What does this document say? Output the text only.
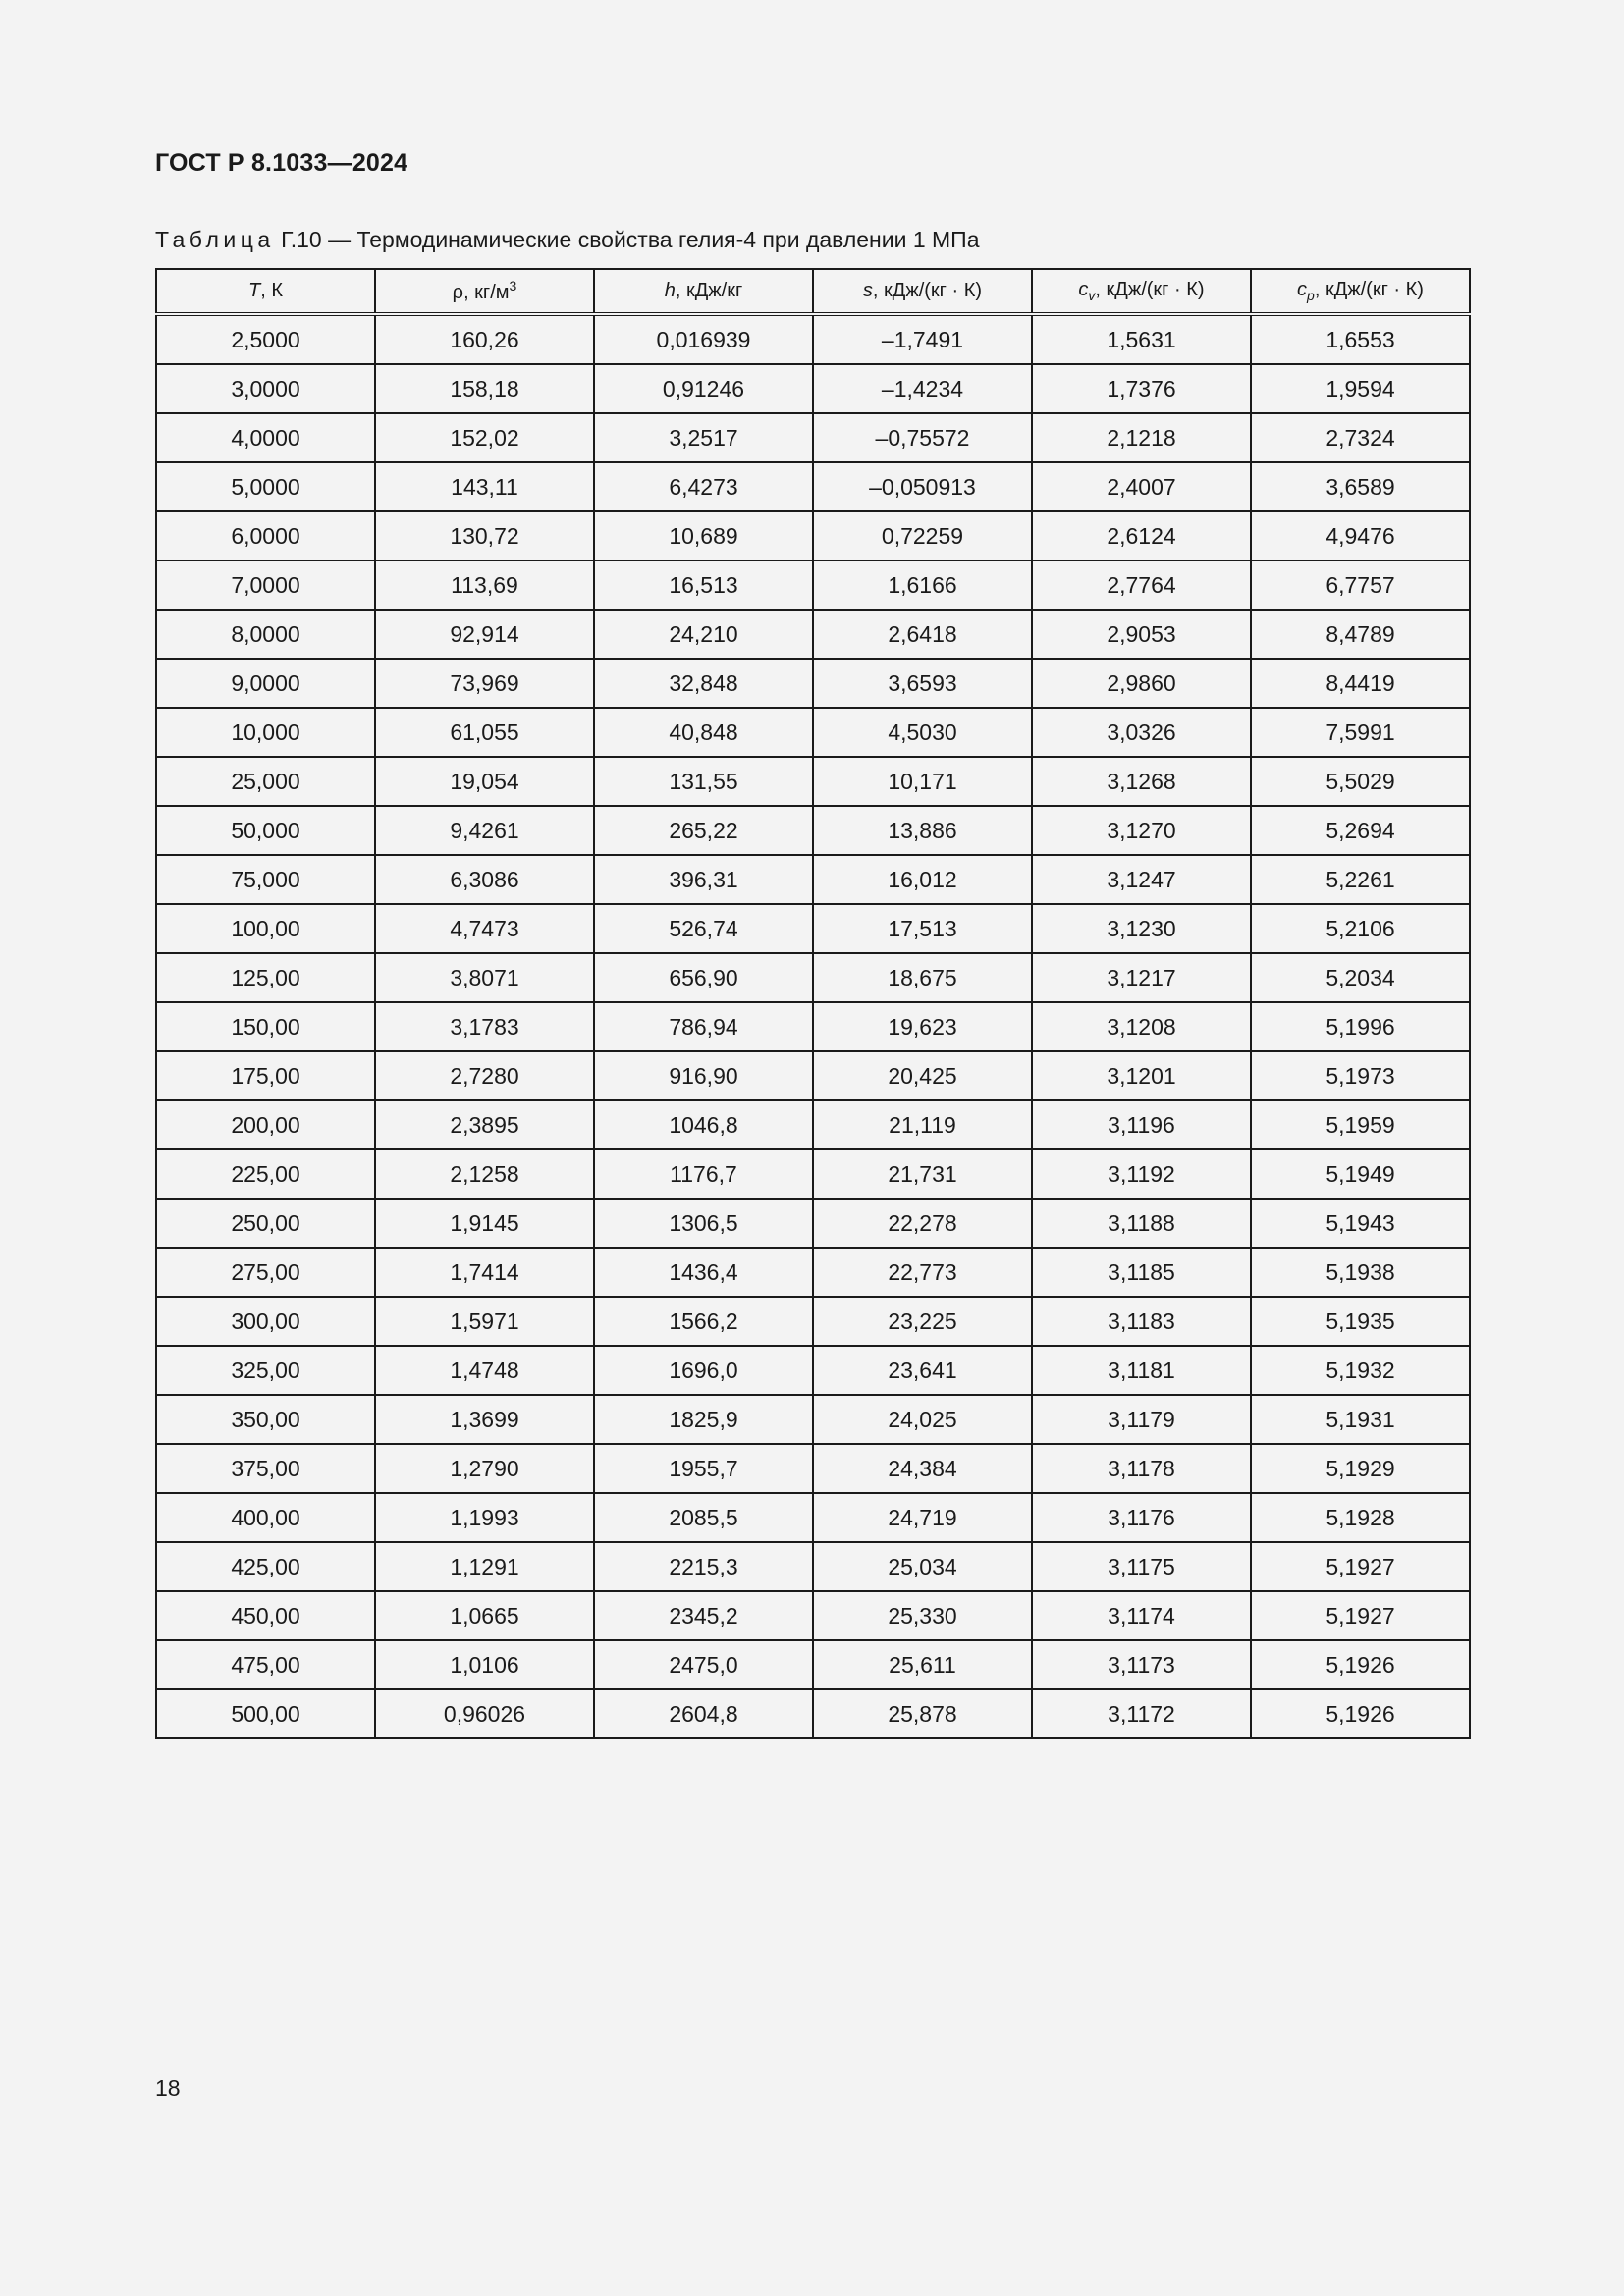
ГОСТ Р 8.1033—2024
Таблица Г.10 — Термодинамические свойства гелия-4 при давлении 1 МПа
T, К	ρ, $кг/м^3$	h, кДж/кг	s, кДж/(кг · К)	$c_v$, кДж/(кг · К)	$c_p$, кДж/(кг · К)
2,5000	160,26	0,016939	–1,7491	1,5631	1,6553
3,0000	158,18	0,91246	–1,4234	1,7376	1,9594
4,0000	152,02	3,2517	–0,75572	2,1218	2,7324
5,0000	143,11	6,4273	–0,050913	2,4007	3,6589
6,0000	130,72	10,689	0,72259	2,6124	4,9476
7,0000	113,69	16,513	1,6166	2,7764	6,7757
8,0000	92,914	24,210	2,6418	2,9053	8,4789
9,0000	73,969	32,848	3,6593	2,9860	8,4419
10,000	61,055	40,848	4,5030	3,0326	7,5991
25,000	19,054	131,55	10,171	3,1268	5,5029
50,000	9,4261	265,22	13,886	3,1270	5,2694
75,000	6,3086	396,31	16,012	3,1247	5,2261
100,00	4,7473	526,74	17,513	3,1230	5,2106
125,00	3,8071	656,90	18,675	3,1217	5,2034
150,00	3,1783	786,94	19,623	3,1208	5,1996
175,00	2,7280	916,90	20,425	3,1201	5,1973
200,00	2,3895	1046,8	21,119	3,1196	5,1959
225,00	2,1258	1176,7	21,731	3,1192	5,1949
250,00	1,9145	1306,5	22,278	3,1188	5,1943
275,00	1,7414	1436,4	22,773	3,1185	5,1938
300,00	1,5971	1566,2	23,225	3,1183	5,1935
325,00	1,4748	1696,0	23,641	3,1181	5,1932
350,00	1,3699	1825,9	24,025	3,1179	5,1931
375,00	1,2790	1955,7	24,384	3,1178	5,1929
400,00	1,1993	2085,5	24,719	3,1176	5,1928
425,00	1,1291	2215,3	25,034	3,1175	5,1927
450,00	1,0665	2345,2	25,330	3,1174	5,1927
475,00	1,0106	2475,0	25,611	3,1173	5,1926
500,00	0,96026	2604,8	25,878	3,1172	5,1926
18
